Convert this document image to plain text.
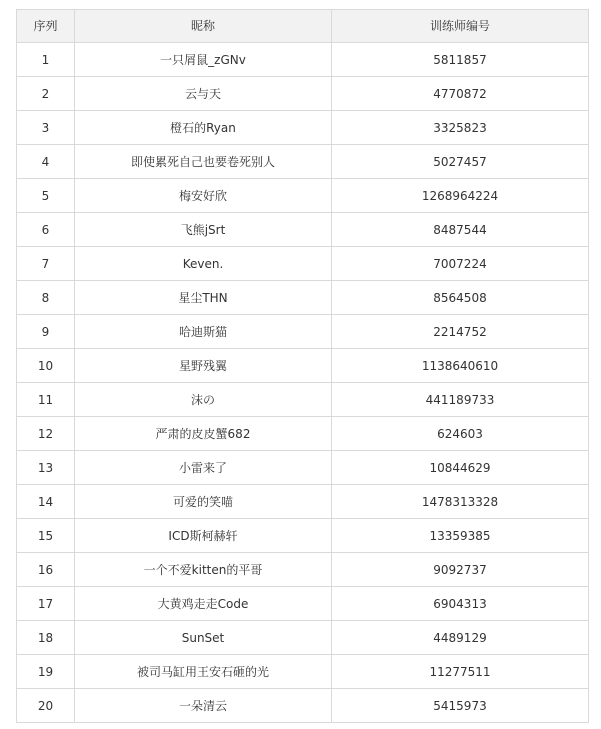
序列	昵称	训练师编号
1	一只屑鼠_zGNv	5811857
2	云与天	4770872
3	橙石的Ryan	3325823
4	即使累死自己也要卷死别人	5027457
5	梅安好欣	1268964224
6	飞熊jSrt	8487544
7	Keven.	7007224
8	星尘THN	8564508
9	哈迪斯猫	2214752
10	星野残翼	1138640610
11	沫の	441189733
12	严肃的皮皮蟹682	624603
13	小雷来了	10844629
14	可爱的笑喵	1478313328
15	ICD斯柯赫轩	13359385
16	一个不爱kitten的平哥	9092737
17	大黄鸡走走Code	6904313
18	SunSet	4489129
19	被司马缸用王安石砸的光	11277511
20	一朵清云	5415973
